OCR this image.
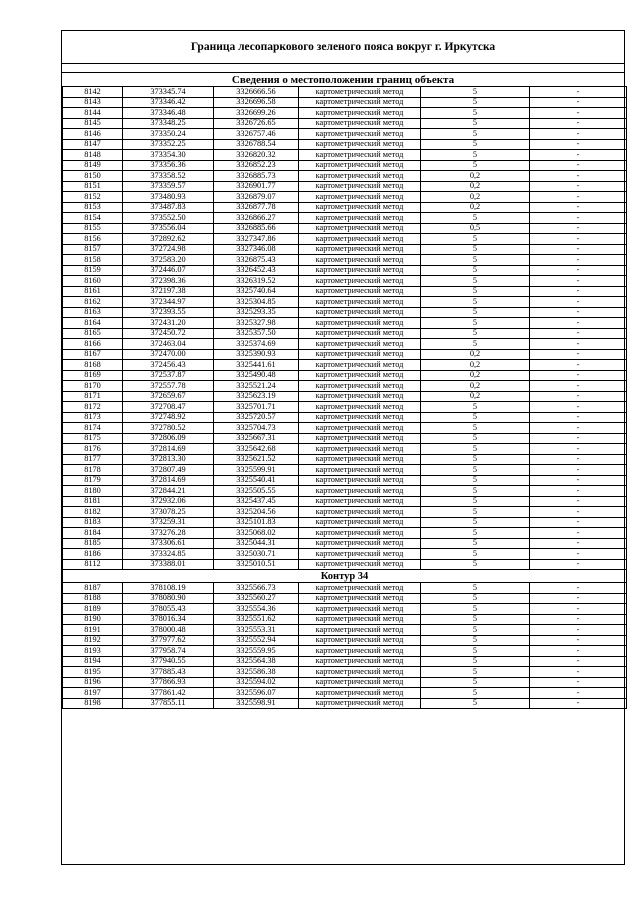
Граница лесопаркового зеленого пояса вокруг г. Иркутска
Сведения о местоположении границ объекта
8142	373345.74	3326666.56	картометрический метод	5	-
8143	373346.42	3326696.58	картометрический метод	5	-
8144	373346.48	3326699.26	картометрический метод	5	-
8145	373348.25	3326726.65	картометрический метод	5	-
8146	373350.24	3326757.46	картометрический метод	5	-
8147	373352.25	3326788.54	картометрический метод	5	-
8148	373354.30	3326820.32	картометрический метод	5	-
8149	373356.36	3326852.23	картометрический метод	5	-
8150	373358.52	3326885.73	картометрический метод	0,2	-
8151	373359.57	3326901.77	картометрический метод	0,2	-
8152	373480.93	3326879.07	картометрический метод	0,2	-
8153	373487.83	3326877.78	картометрический метод	0,2	-
8154	373552.50	3326866.27	картометрический метод	5	-
8155	373556.04	3326885.66	картометрический метод	0,5	-
8156	372892.62	3327347.86	картометрический метод	5	-
8157	372724.98	3327346.08	картометрический метод	5	-
8158	372583.20	3326875.43	картометрический метод	5	-
8159	372446.07	3326452.43	картометрический метод	5	-
8160	372398.36	3326319.52	картометрический метод	5	-
8161	372197.38	3325740.64	картометрический метод	5	-
8162	372344.97	3325304.85	картометрический метод	5	-
8163	372393.55	3325293.35	картометрический метод	5	-
8164	372431.20	3325327.98	картометрический метод	5	-
8165	372450.72	3325357.50	картометрический метод	5	-
8166	372463.04	3325374.69	картометрический метод	5	-
8167	372470.00	3325390.93	картометрический метод	0,2	-
8168	372456.43	3325441.61	картометрический метод	0,2	-
8169	372537.87	3325490.48	картометрический метод	0,2	-
8170	372557.78	3325521.24	картометрический метод	0,2	-
8171	372659.67	3325623.19	картометрический метод	0,2	-
8172	372708.47	3325701.71	картометрический метод	5	-
8173	372748.92	3325720.57	картометрический метод	5	-
8174	372780.52	3325704.73	картометрический метод	5	-
8175	372806.09	3325667.31	картометрический метод	5	-
8176	372814.69	3325642.68	картометрический метод	5	-
8177	372813.30	3325621.52	картометрический метод	5	-
8178	372807.49	3325599.91	картометрический метод	5	-
8179	372814.69	3325540.41	картометрический метод	5	-
8180	372844.21	3325505.55	картометрический метод	5	-
8181	372932.06	3325437.45	картометрический метод	5	-
8182	373078.25	3325204.56	картометрический метод	5	-
8183	373259.31	3325101.83	картометрический метод	5	-
8184	373276.28	3325068.02	картометрический метод	5	-
8185	373306.61	3325044.31	картометрический метод	5	-
8186	373324.85	3325030.71	картометрический метод	5	-
8112	373388.01	3325010.51	картометрический метод	5	-
Контур 34					
8187	378108.19	3325566.73	картометрический метод	5	-
8188	378080.90	3325560.27	картометрический метод	5	-
8189	378055.43	3325554.36	картометрический метод	5	-
8190	378016.34	3325551.62	картометрический метод	5	-
8191	378000.48	3325553.31	картометрический метод	5	-
8192	377977.62	3325552.94	картометрический метод	5	-
8193	377958.74	3325559.95	картометрический метод	5	-
8194	377940.55	3325564.38	картометрический метод	5	-
8195	377885.43	3325586.38	картометрический метод	5	-
8196	377866.93	3325594.02	картометрический метод	5	-
8197	377861.42	3325596.07	картометрический метод	5	-
8198	377855.11	3325598.91	картометрический метод	5	-
